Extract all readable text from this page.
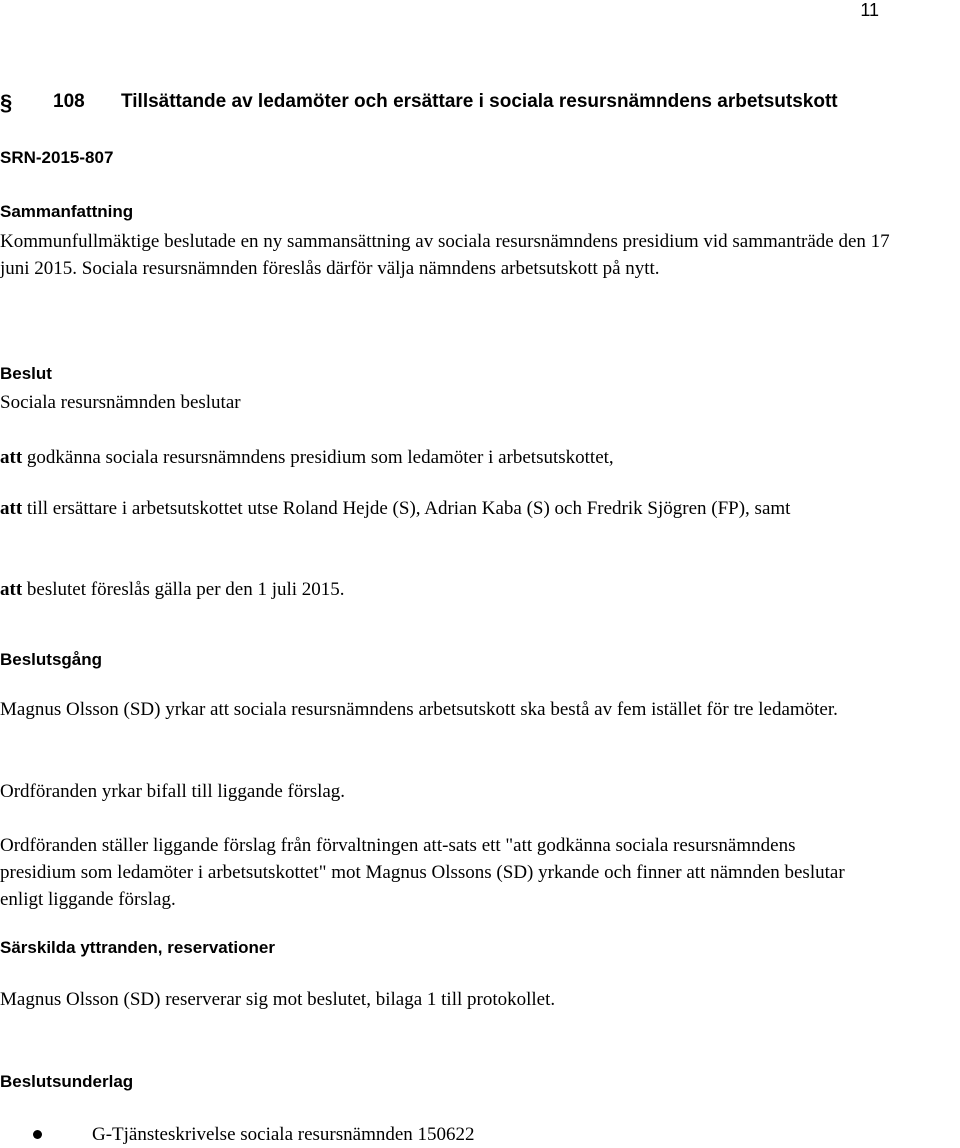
11
§ 108 Tillsättande av ledamöter och ersättare i sociala resursnämndens arbetsutskott
SRN-2015-807
Sammanfattning
Kommunfullmäktige beslutade en ny sammansättning av sociala resursnämndens presidium vid sammanträde den 17 juni 2015. Sociala resursnämnden föreslås därför välja nämndens arbetsutskott på nytt.
Beslut
Sociala resursnämnden beslutar
att godkänna sociala resursnämndens presidium som ledamöter i arbetsutskottet,
att till ersättare i arbetsutskottet utse Roland Hejde (S), Adrian Kaba (S) och Fredrik Sjögren (FP), samt
att beslutet föreslås gälla per den 1 juli 2015.
Beslutsgång
Magnus Olsson (SD) yrkar att sociala resursnämndens arbetsutskott ska bestå av fem istället för tre ledamöter.
Ordföranden yrkar bifall till liggande förslag.
Ordföranden ställer liggande förslag från förvaltningen att-sats ett "att godkänna sociala resursnämndens presidium som ledamöter i arbetsutskottet" mot Magnus Olssons (SD) yrkande och finner att nämnden beslutar enligt liggande förslag.
Särskilda yttranden, reservationer
Magnus Olsson (SD) reserverar sig mot beslutet, bilaga 1 till protokollet.
Beslutsunderlag
G-Tjänsteskrivelse sociala resursnämnden 150622
